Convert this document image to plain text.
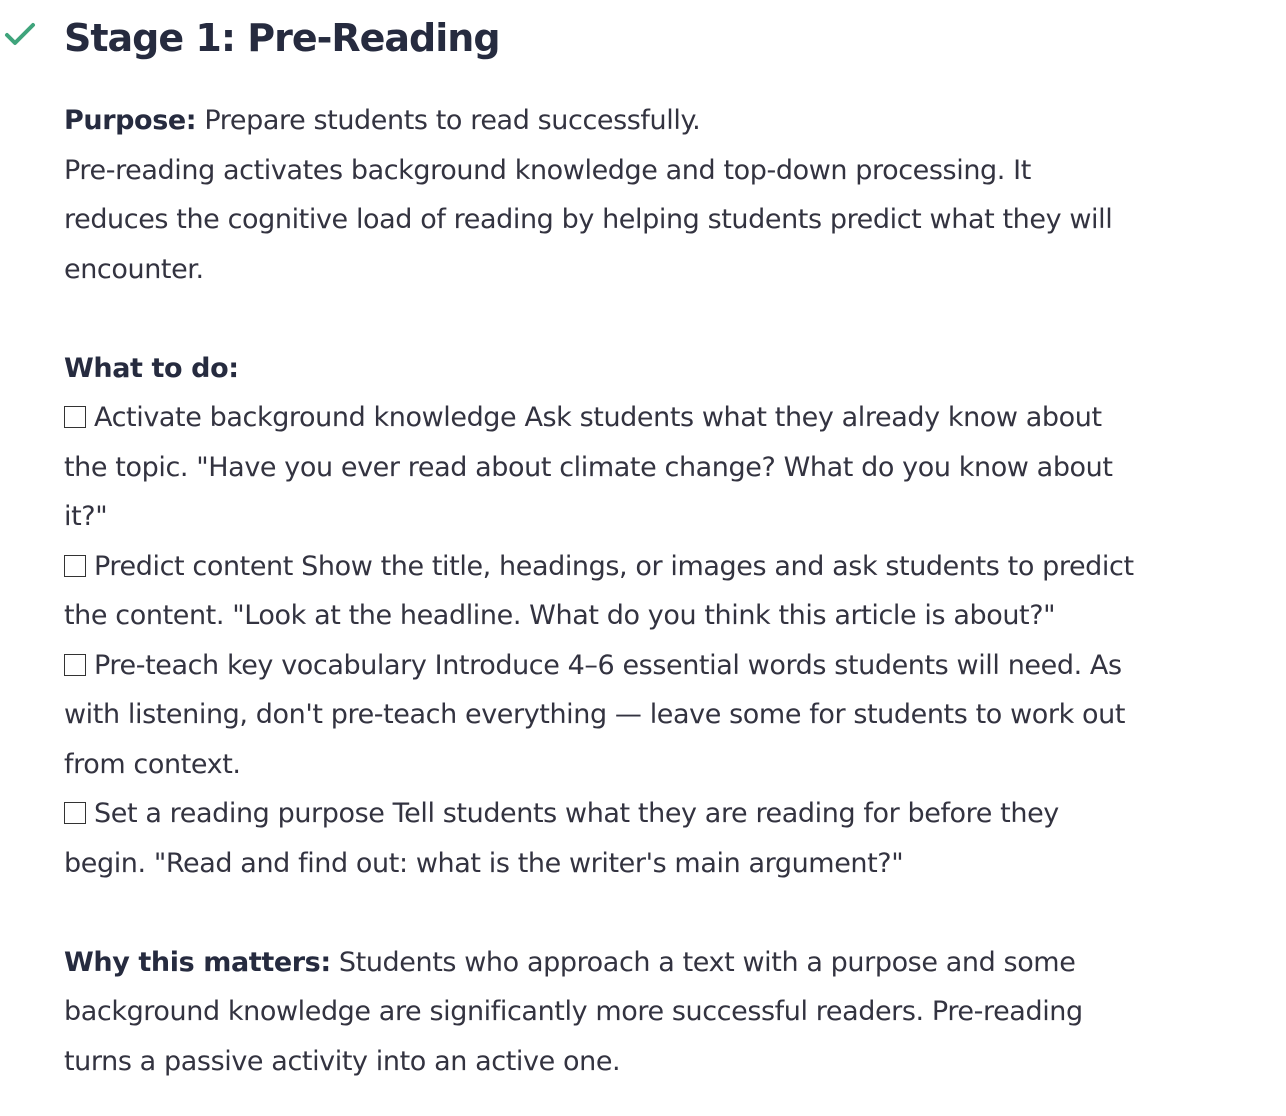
Stage 1: Pre-Reading
Purpose: Prepare students to read successfully.
Pre-reading activates background knowledge and top-down processing. It
reduces the cognitive load of reading by helping students predict what they will
encounter.
What to do:
Activate background knowledge Ask students what they already know about
the topic. "Have you ever read about climate change? What do you know about
it?"
Predict content Show the title, headings, or images and ask students to predict
the content. "Look at the headline. What do you think this article is about?"
Pre-teach key vocabulary Introduce 4–6 essential words students will need. As
with listening, don't pre-teach everything — leave some for students to work out
from context.
Set a reading purpose Tell students what they are reading for before they
begin. "Read and find out: what is the writer's main argument?"
Why this matters: Students who approach a text with a purpose and some
background knowledge are significantly more successful readers. Pre-reading
turns a passive activity into an active one.
